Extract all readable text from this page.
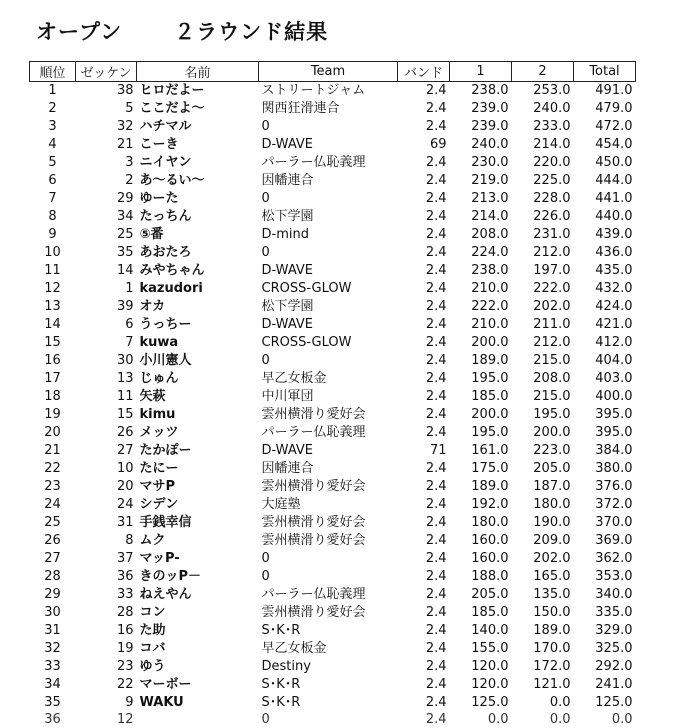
オープン ２ラウンド結果
順位	ゼッケン	名前	Team	バンド	1	2	Total
1	38	ヒロだよー	ストリートジャム	2.4	238.0	253.0	491.0
2	5	ここだよ～	関西狂滑連合	2.4	239.0	240.0	479.0
3	32	ハチマル	0	2.4	239.0	233.0	472.0
4	21	こーき	D-WAVE	69	240.0	214.0	454.0
5	3	ニイヤン	パーラー仏恥義理	2.4	230.0	220.0	450.0
6	2	あ～るい～	因幡連合	2.4	219.0	225.0	444.0
7	29	ゆーた	0	2.4	213.0	228.0	441.0
8	34	たっちん	松下学園	2.4	214.0	226.0	440.0
9	25	⑤番	D-mind	2.4	208.0	231.0	439.0
10	35	あおたろ	0	2.4	224.0	212.0	436.0
11	14	みやちゃん	D-WAVE	2.4	238.0	197.0	435.0
12	1	kazudori	CROSS-GLOW	2.4	210.0	222.0	432.0
13	39	オカ	松下学園	2.4	222.0	202.0	424.0
14	6	うっちー	D-WAVE	2.4	210.0	211.0	421.0
15	7	kuwa	CROSS-GLOW	2.4	200.0	212.0	412.0
16	30	小川憲人	0	2.4	189.0	215.0	404.0
17	13	じゅん	早乙女板金	2.4	195.0	208.0	403.0
18	11	矢萩	中川軍団	2.4	185.0	215.0	400.0
19	15	kimu	雲州横滑り愛好会	2.4	200.0	195.0	395.0
20	26	メッツ	パーラー仏恥義理	2.4	195.0	200.0	395.0
21	27	たかぽー	D-WAVE	71	161.0	223.0	384.0
22	10	たにー	因幡連合	2.4	175.0	205.0	380.0
23	20	マサP	雲州横滑り愛好会	2.4	189.0	187.0	376.0
24	24	シデン	大庭塾	2.4	192.0	180.0	372.0
25	31	手銭幸信	雲州横滑り愛好会	2.4	180.0	190.0	370.0
26	8	ムク	雲州横滑り愛好会	2.4	160.0	209.0	369.0
27	37	マッP-	0	2.4	160.0	202.0	362.0
28	36	きのッP－	0	2.4	188.0	165.0	353.0
29	33	ねえやん	パーラー仏恥義理	2.4	205.0	135.0	340.0
30	28	コン	雲州横滑り愛好会	2.4	185.0	150.0	335.0
31	16	た助	S･K･R	2.4	140.0	189.0	329.0
32	19	コバ	早乙女板金	2.4	155.0	170.0	325.0
33	23	ゆう	Destiny	2.4	120.0	172.0	292.0
34	22	マーボー	S･K･R	2.4	120.0	121.0	241.0
35	9	WAKU	S･K･R	2.4	125.0	0.0	125.0
36	12		0	2.4	0.0	0.0	0.0
